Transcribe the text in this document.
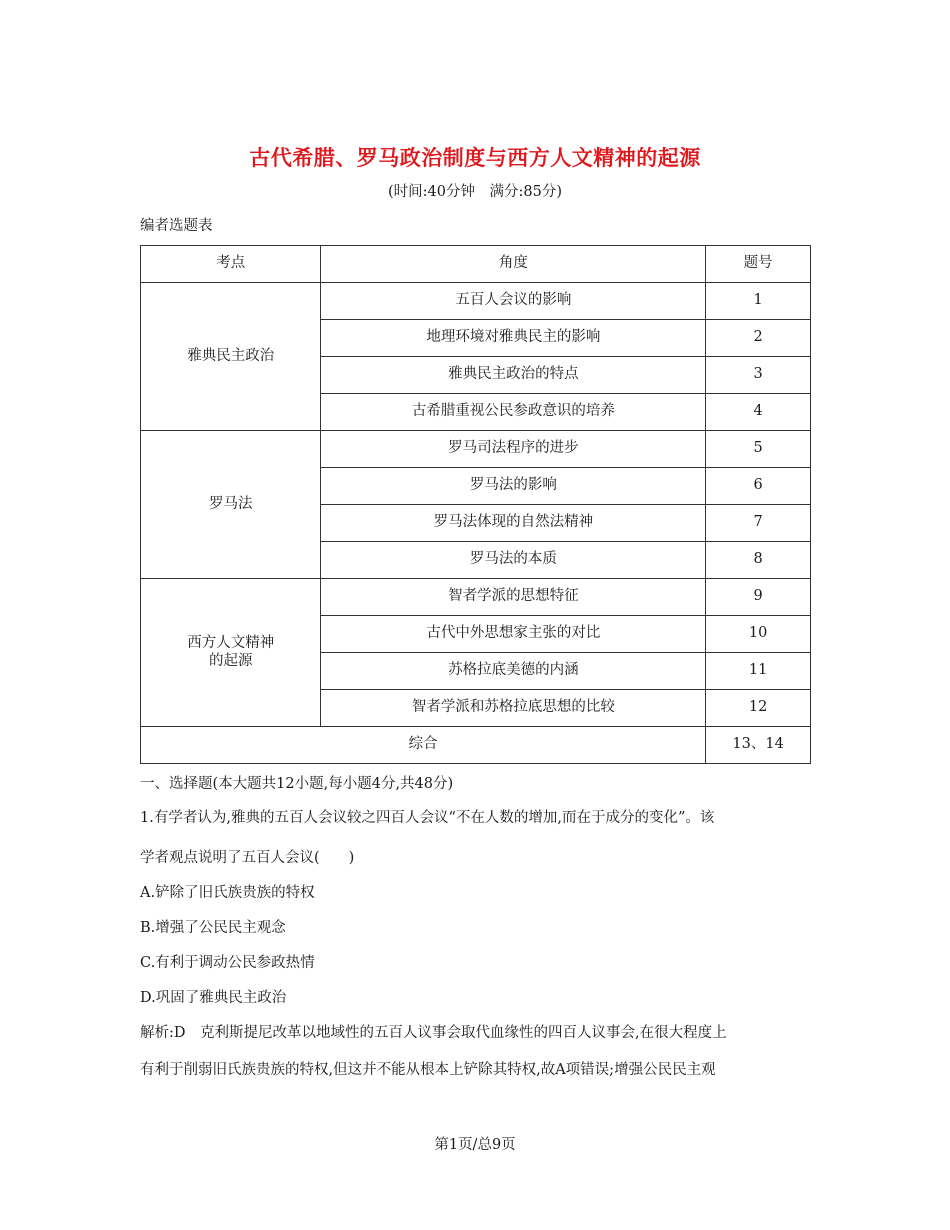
古代希腊、罗马政治制度与西方人文精神的起源
(时间:40分钟　满分:85分)
编者选题表
考点	角度	题号
雅典民主政治	五百人会议的影响	1
	地理环境对雅典民主的影响	2
	雅典民主政治的特点	3
	古希腊重视公民参政意识的培养	4
罗马法	罗马司法程序的进步	5
	罗马法的影响	6
	罗马法体现的自然法精神	7
	罗马法的本质	8

西方人文精神
的起源	智者学派的思想特征	9
	古代中外思想家主张的对比	10
	苏格拉底美德的内涵	11
	智者学派和苏格拉底思想的比较	12
综合		13、14
一、选择题(本大题共12小题,每小题4分,共48分)
1.有学者认为,雅典的五百人会议较之四百人会议“不在人数的增加,而在于成分的变化”。该
学者观点说明了五百人会议(　　)
A.铲除了旧氏族贵族的特权
B.增强了公民民主观念
C.有利于调动公民参政热情
D.巩固了雅典民主政治
解析:D　克利斯提尼改革以地域性的五百人议事会取代血缘性的四百人议事会,在很大程度上
有利于削弱旧氏族贵族的特权,但这并不能从根本上铲除其特权,故A项错误;增强公民民主观
第1页/总9页
